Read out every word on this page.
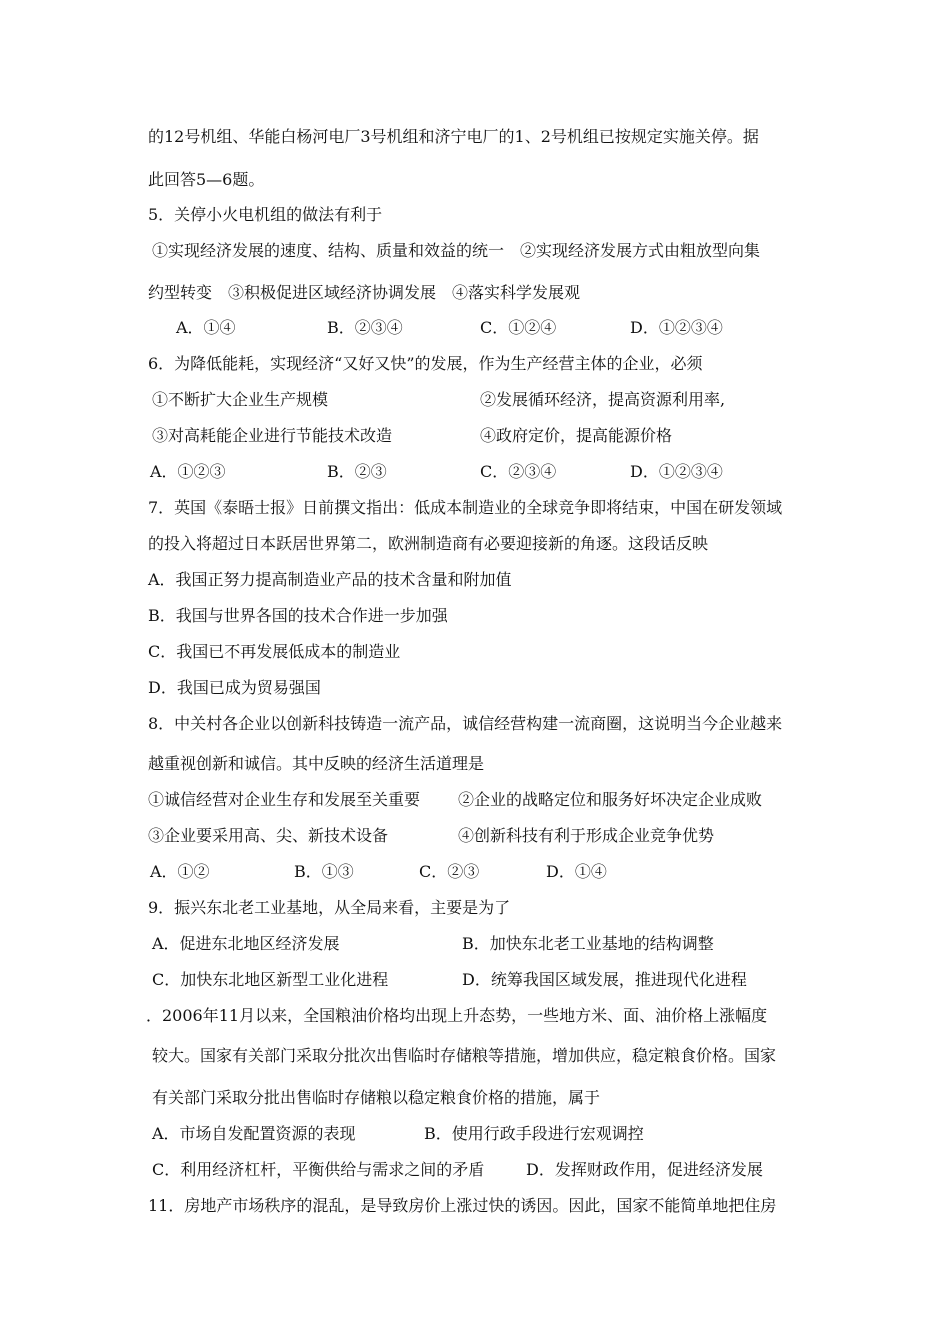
的12号机组、华能白杨河电厂3号机组和济宁电厂的1、2号机组已按规定实施关停。据
此回答5—6题。
5．关停小火电机组的做法有利于
①实现经济发展的速度、结构、质量和效益的统一　②实现经济发展方式由粗放型向集
约型转变　③积极促进区域经济协调发展　④落实科学发展观
A．①④	B．②③④	C．①②④	D．①②③④
6．为降低能耗，实现经济“又好又快”的发展，作为生产经营主体的企业，必须
①不断扩大企业生产规模	②发展循环经济，提高资源利用率,
③对高耗能企业进行节能技术改造	④政府定价，提高能源价格
A．①②③	B．②③	C．②③④	D．①②③④
7．英国《泰晤士报》日前撰文指出：低成本制造业的全球竞争即将结束，中国在研发领域
的投入将超过日本跃居世界第二，欧洲制造商有必要迎接新的角逐。这段话反映
A．我国正努力提高制造业产品的技术含量和附加值
B．我国与世界各国的技术合作进一步加强
C．我国已不再发展低成本的制造业
D．我国已成为贸易强国
8．中关村各企业以创新科技铸造一流产品，诚信经营构建一流商圈，这说明当今企业越来
越重视创新和诚信。其中反映的经济生活道理是
①诚信经营对企业生存和发展至关重要 ②企业的战略定位和服务好坏决定企业成败
③企业要采用高、尖、新技术设备	④创新科技有利于形成企业竞争优势
A．①②	B．①③	C．②③	D．①④
9．振兴东北老工业基地，从全局来看，主要是为了
A．促进东北地区经济发展	B．加快东北老工业基地的结构调整
C．加快东北地区新型工业化进程	D．统筹我国区域发展，推进现代化进程
．2006年11月以来，全国粮油价格均出现上升态势，一些地方米、面、油价格上涨幅度
较大。国家有关部门采取分批次出售临时存储粮等措施，增加供应，稳定粮食价格。国家
有关部门采取分批出售临时存储粮以稳定粮食价格的措施，属于
A．市场自发配置资源的表现	B．使用行政手段进行宏观调控
C．利用经济杠杆，平衡供给与需求之间的矛盾	D．发挥财政作用，促进经济发展
11．房地产市场秩序的混乱，是导致房价上涨过快的诱因。因此，国家不能简单地把住房
